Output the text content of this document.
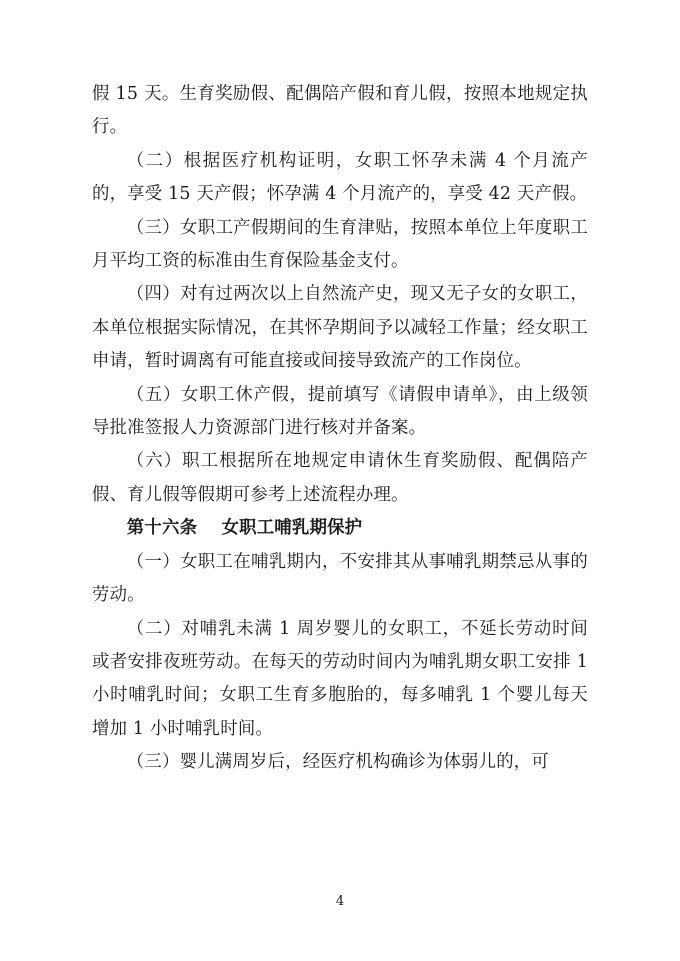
假 15 天。生育奖励假、配偶陪产假和育儿假，按照本地规定执行。

（二）根据医疗机构证明，女职工怀孕未满 4 个月流产的，享受 15 天产假；怀孕满 4 个月流产的，享受 42 天产假。

（三）女职工产假期间的生育津贴，按照本单位上年度职工月平均工资的标准由生育保险基金支付。

（四）对有过两次以上自然流产史，现又无子女的女职工，本单位根据实际情况，在其怀孕期间予以减轻工作量；经女职工申请，暂时调离有可能直接或间接导致流产的工作岗位。

（五）女职工休产假，提前填写《请假申请单》，由上级领导批准签报人力资源部门进行核对并备案。

（六）职工根据所在地规定申请休生育奖励假、配偶陪产假、育儿假等假期可参考上述流程办理。

第十六条 女职工哺乳期保护

（一）女职工在哺乳期内，不安排其从事哺乳期禁忌从事的劳动。

（二）对哺乳未满 1 周岁婴儿的女职工，不延长劳动时间或者安排夜班劳动。在每天的劳动时间内为哺乳期女职工安排 1 小时哺乳时间；女职工生育多胞胎的，每多哺乳 1 个婴儿每天增加 1 小时哺乳时间。

（三）婴儿满周岁后，经医疗机构确诊为体弱儿的，可

4
